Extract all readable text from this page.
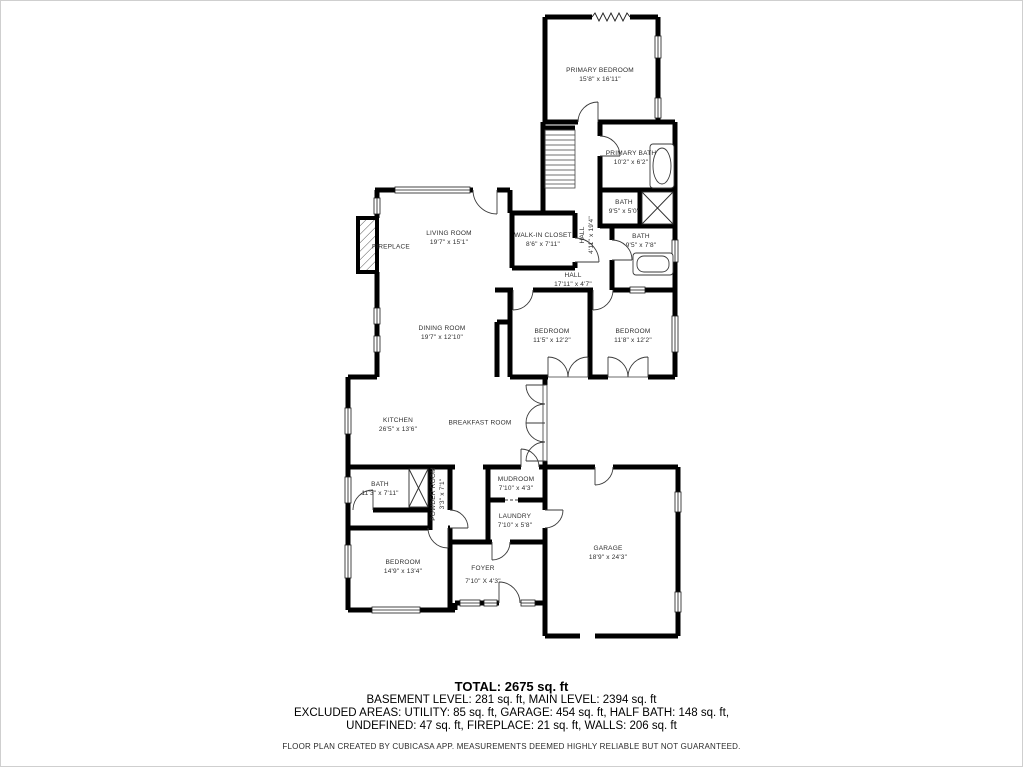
PRIMARY BEDROOM
15'8" x 16'11"
PRIMARY BATH
10'2" x 6'2"
HALL 4'11" x 19'4"
BATH
9'5" x 5'0"
BATH
9'5" x 7'8"
WALK-IN CLOSET
8'6" x 7'11"
HALL
17'11" x 4'7"
LIVING ROOM
19'7" x 15'1"
FIREPLACE
DINING ROOM
19'7" x 12'10"
BEDROOM
11'5" x 12'2"
BEDROOM
11'8" x 12'2"
KITCHEN
26'5" x 13'6"
BREAKFAST ROOM
BATH
11'3" x 7'11"	POWDER ROOM 3'3" x 7'1"	MUDROOM
7'10" x 4'3"
LAUNDRY
7'10" x 5'8"
BEDROOM
14'9" x 13'4"	FOYER
7'10" X 4'3"
GARAGE
18'9" x 24'3"
TOTAL: 2675 sq. ft
BASEMENT LEVEL: 281 sq. ft, MAIN LEVEL: 2394 sq. ft
EXCLUDED AREAS: UTILITY: 85 sq. ft, GARAGE: 454 sq. ft, HALF BATH: 148 sq. ft,
UNDEFINED: 47 sq. ft, FIREPLACE: 21 sq. ft, WALLS: 206 sq. ft
FLOOR PLAN CREATED BY CUBICASA APP. MEASUREMENTS DEEMED HIGHLY RELIABLE BUT NOT GUARANTEED.
